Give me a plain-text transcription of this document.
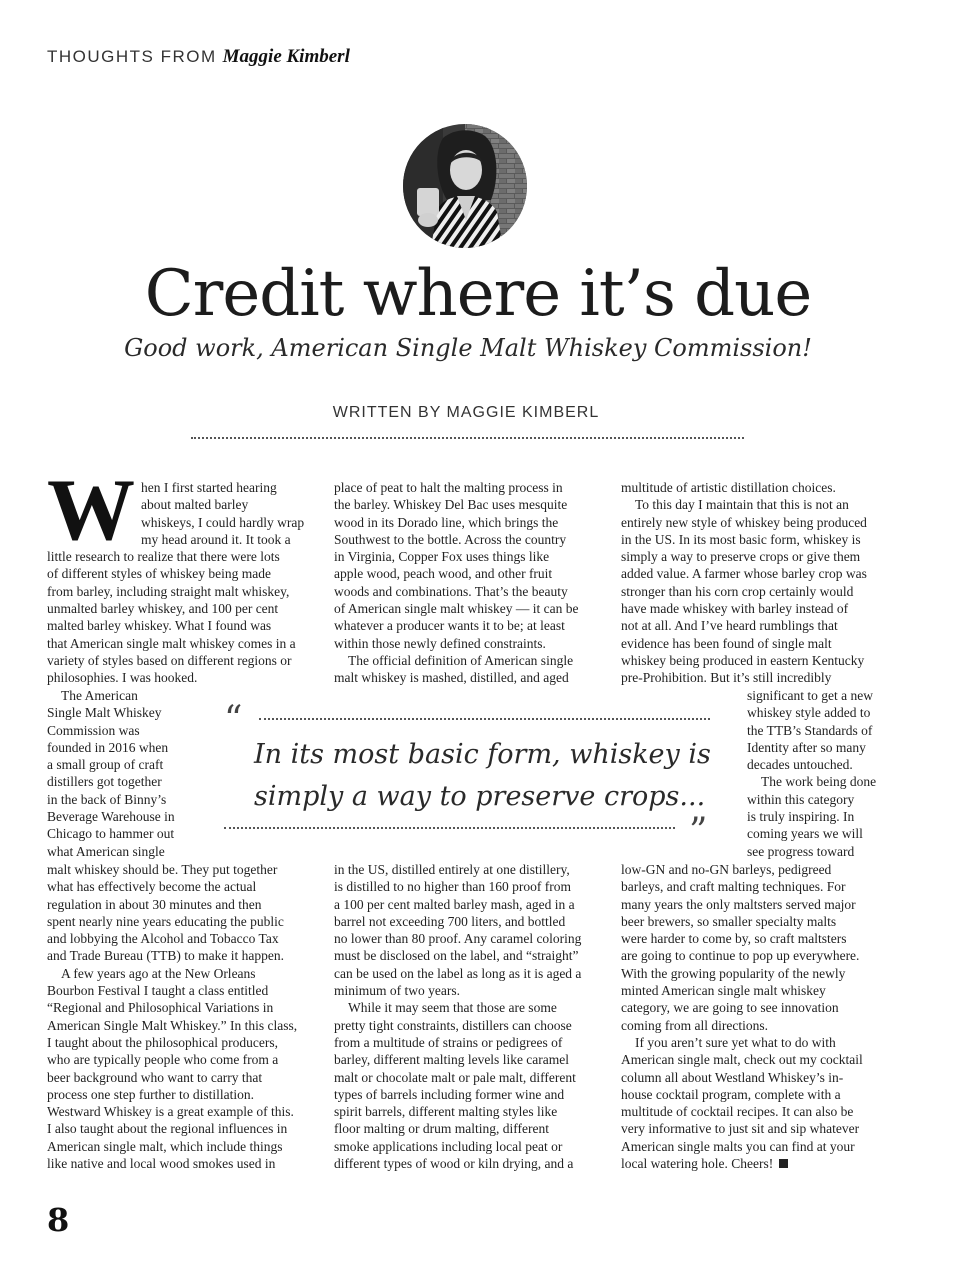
THOUGHTS FROM Maggie Kimberl
Credit where it’s due
Good work, American Single Malt Whiskey Commission!
WRITTEN BY MAGGIE KIMBERL
W hen I first started hearing
about malted barley
whiskeys, I could hardly wrap
my head around it. It took a
little research to realize that there were lots
of different styles of whiskey being made
from barley, including straight malt whiskey,
unmalted barley whiskey, and 100 per cent
malted barley whiskey. What I found was
that American single malt whiskey comes in a
variety of styles based on different regions or
philosophies. I was hooked.

The American
Single Malt Whiskey
Commission was
founded in 2016 when
a small group of craft
distillers got together
in the back of Binny’s
Beverage Warehouse in
Chicago to hammer out
what American single

malt whiskey should be. They put together
what has effectively become the actual
regulation in about 30 minutes and then
spent nearly nine years educating the public
and lobbying the Alcohol and Tobacco Tax
and Trade Bureau (TTB) to make it happen.

A few years ago at the New Orleans
Bourbon Festival I taught a class entitled
“Regional and Philosophical Variations in
American Single Malt Whiskey.” In this class,
I taught about the philosophical producers,
who are typically people who come from a
beer background who want to carry that
process one step further to distillation.
Westward Whiskey is a great example of this.
I also taught about the regional influences in
American single malt, which include things
like native and local wood smokes used in

place of peat to halt the malting process in
the barley. Whiskey Del Bac uses mesquite
wood in its Dorado line, which brings the
Southwest to the bottle. Across the country
in Virginia, Copper Fox uses things like
apple wood, peach wood, and other fruit
woods and combinations. That’s the beauty
of American single malt whiskey — it can be
whatever a producer wants it to be; at least
within those newly defined constraints.

The official definition of American single
malt whiskey is mashed, distilled, and aged

in the US, distilled entirely at one distillery,
is distilled to no higher than 160 proof from
a 100 per cent malted barley mash, aged in a
barrel not exceeding 700 liters, and bottled
no lower than 80 proof. Any caramel coloring
must be disclosed on the label, and “straight”
can be used on the label as long as it is aged a
minimum of two years.

While it may seem that those are some
pretty tight constraints, distillers can choose
from a multitude of strains or pedigrees of
barley, different malting levels like caramel
malt or chocolate malt or pale malt, different
types of barrels including former wine and
spirit barrels, different malting styles like
floor malting or drum malting, different
smoke applications including local peat or
different types of wood or kiln drying, and a

multitude of artistic distillation choices.

To this day I maintain that this is not an
entirely new style of whiskey being produced
in the US. In its most basic form, whiskey is
simply a way to preserve crops or give them
added value. A farmer whose barley crop was
stronger than his corn crop certainly would
have made whiskey with barley instead of
not at all. And I’ve heard rumblings that
evidence has been found of single malt
whiskey being produced in eastern Kentucky
pre-Prohibition. But it’s still incredibly

significant to get a new
whiskey style added to
the TTB’s Standards of
Identity after so many
decades untouched.

The work being done
within this category
is truly inspiring. In
coming years we will
see progress toward

low-GN and no-GN barleys, pedigreed
barleys, and craft malting techniques. For
many years the only maltsters served major
beer brewers, so smaller specialty malts
were harder to come by, so craft maltsters
are going to continue to pop up everywhere.
With the growing popularity of the newly
minted American single malt whiskey
category, we are going to see innovation
coming from all directions.

If you aren’t sure yet what to do with
American single malt, check out my cocktail
column all about Westland Whiskey’s in-
house cocktail program, complete with a
multitude of cocktail recipes. It can also be
very informative to just sit and sip whatever
American single malts you can find at your
local watering hole. Cheers!

“
In its most basic form, whiskey is
simply a way to preserve crops...
”
8
